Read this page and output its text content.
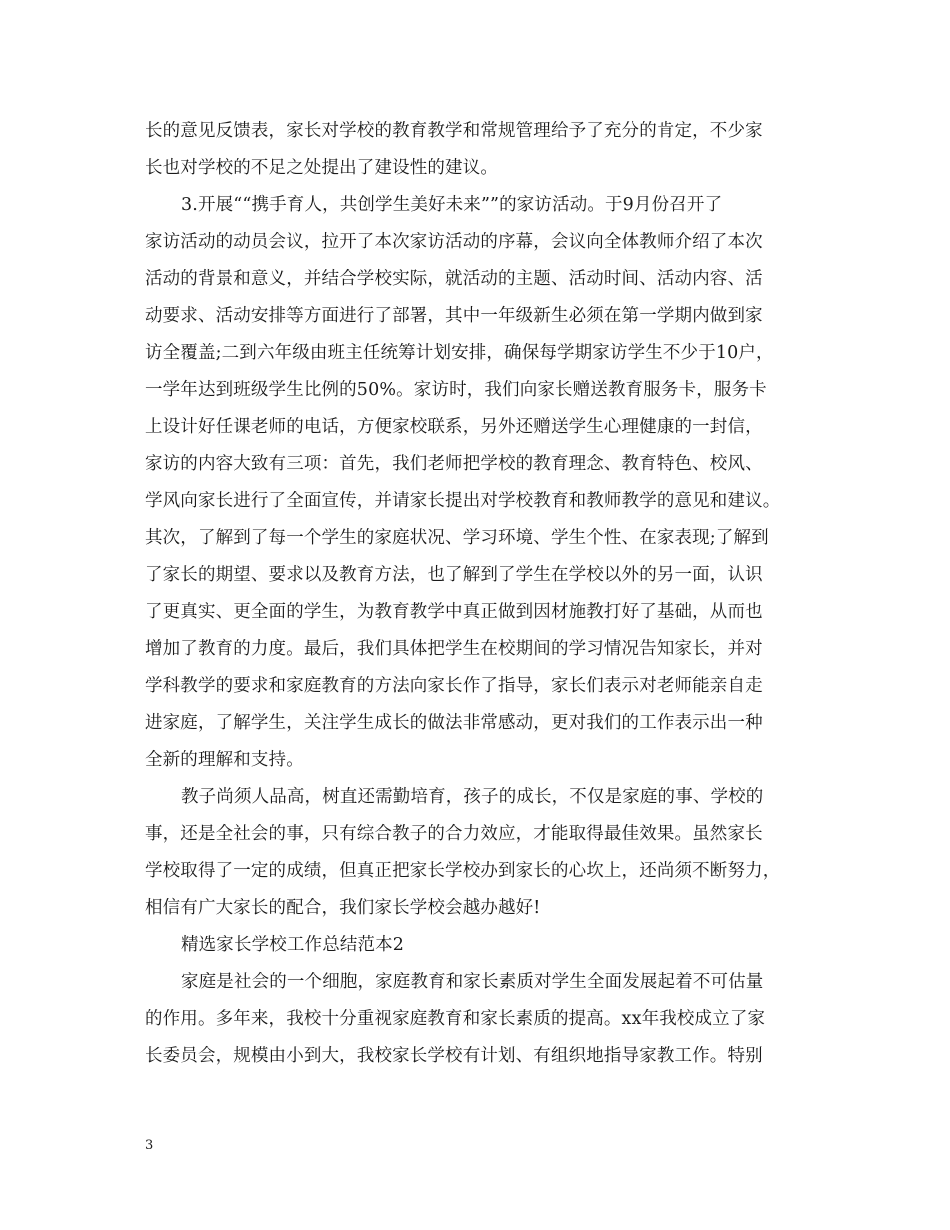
长的意见反馈表，家长对学校的教育教学和常规管理给予了充分的肯定，不少家
长也对学校的不足之处提出了建设性的建议。
3.开展““携手育人，共创学生美好未来””的家访活动。于9月份召开了
家访活动的动员会议，拉开了本次家访活动的序幕，会议向全体教师介绍了本次
活动的背景和意义，并结合学校实际，就活动的主题、活动时间、活动内容、活
动要求、活动安排等方面进行了部署，其中一年级新生必须在第一学期内做到家
访全覆盖;二到六年级由班主任统筹计划安排，确保每学期家访学生不少于10户，
一学年达到班级学生比例的50%。家访时，我们向家长赠送教育服务卡，服务卡
上设计好任课老师的电话，方便家校联系，另外还赠送学生心理健康的一封信，
家访的内容大致有三项：首先，我们老师把学校的教育理念、教育特色、校风、
学风向家长进行了全面宣传，并请家长提出对学校教育和教师教学的意见和建议。
其次，了解到了每一个学生的家庭状况、学习环境、学生个性、在家表现;了解到
了家长的期望、要求以及教育方法，也了解到了学生在学校以外的另一面，认识
了更真实、更全面的学生，为教育教学中真正做到因材施教打好了基础，从而也
增加了教育的力度。最后，我们具体把学生在校期间的学习情况告知家长，并对
学科教学的要求和家庭教育的方法向家长作了指导，家长们表示对老师能亲自走
进家庭，了解学生，关注学生成长的做法非常感动，更对我们的工作表示出一种
全新的理解和支持。
教子尚须人品高，树直还需勤培育，孩子的成长，不仅是家庭的事、学校的
事，还是全社会的事，只有综合教子的合力效应，才能取得最佳效果。虽然家长
学校取得了一定的成绩，但真正把家长学校办到家长的心坎上，还尚须不断努力，
相信有广大家长的配合，我们家长学校会越办越好!
精选家长学校工作总结范本2
家庭是社会的一个细胞，家庭教育和家长素质对学生全面发展起着不可估量
的作用。多年来，我校十分重视家庭教育和家长素质的提高。xx年我校成立了家
长委员会，规模由小到大，我校家长学校有计划、有组织地指导家教工作。特别
3
